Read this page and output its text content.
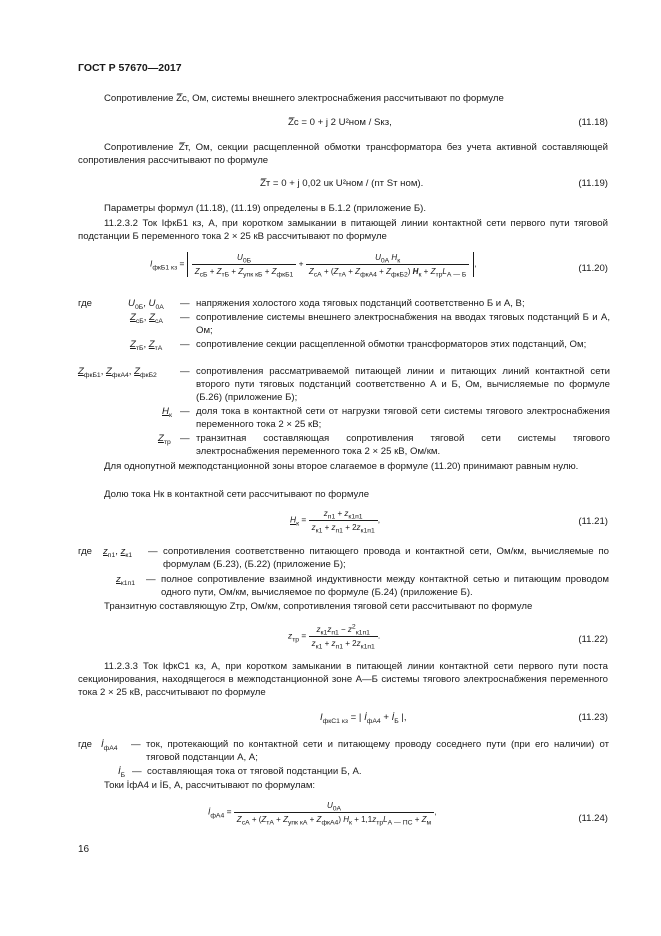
ГОСТ Р 57670—2017

Сопротивление Z̅с, Ом, системы внешнего электроснабжения рассчитывают по формуле

Z̅с = 0 + j 2 U²ном / Sкз,	(11.18)

Сопротивление Z̅т, Ом, секции расщепленной обмотки трансформатора без учета активной составляющей сопротивления рассчитывают по формуле

Z̅т = 0 + j 0,02 uк U²ном / (nт Sт ном).	(11.19)

Параметры формул (11.18), (11.19) определены в Б.1.2 (приложение Б).

11.2.3.2 Ток IфкБ1 кз, А, при коротком замыкании в питающей линии контактной сети первого пути тяговой подстанции Б переменного тока 2 × 25 кВ рассчитывают по формуле

$I_{фкБ1 кз} = \frac{U_{0Б}}{Z_{сБ} + Z_{тБ} + Z_{упк кБ} + Z_{фкБ1}} + \frac{U_{0А} H_к}{Z_{сА} + (Z_{тА} + Z_{фкА4} + Z_{фкБ2}) H_к + Z_{тр}L_{А — Б}}$ ,	(11.20)
где	$U_{0Б}$, $U_{0А}$ — напряжения холостого хода тяговых подстанций соответственно Б и А, В;
$Z_{сБ}$, $Z_{сА}$ — сопротивление системы внешнего электроснабжения на вводах тяговых подстанций Б и А, Ом;
$Z_{тБ}$, $Z_{тА}$ — сопротивление секции расщепленной обмотки трансформаторов этих подстанций, Ом;
$Z_{фкБ1}$, $Z_{фкА4}$, $Z_{фкБ2}$ — сопротивления рассматриваемой питающей линии и питающих линий контактной сети второго пути тяговых подстанций соответственно А и Б, Ом, вычисляемые по формуле (Б.26) (приложение Б);
$H_к$ — доля тока в контактной сети от нагрузки тяговой сети системы тягового электроснабжения переменного тока 2 × 25 кВ;
$Z_{тр}$ — транзитная составляющая сопротивления тяговой сети системы тягового электроснабжения переменного тока 2 × 25 кВ, Ом/км.

Для однопутной межподстанционной зоны второе слагаемое в формуле (11.20) принимают равным нулю.

Долю тока Нк в контактной сети рассчитывают по формуле

$H_к = \frac{z_{п1} + z_{к1п1}}{z_{к1} + z_{п1} + 2z_{к1п1}}$ ,	(11.21)
где $z_{п1}$, $z_{к1}$ — сопротивления соответственно питающего провода и контактной сети, Ом/км, вычисляемые по формулам (Б.23), (Б.22) (приложение Б);

$z_{к1п1}$ — полное сопротивление взаимной индуктивности между контактной сетью и питающим проводом одного пути, Ом/км, вычисляемое по формуле (Б.24) (приложение Б).

Транзитную составляющую Zтр, Ом/км, сопротивления тяговой сети рассчитывают по формуле

$z_{тр} = \frac{z_{к1}z_{п1} - z^2_{к1п1}}{z_{к1} + z_{п1} + 2z_{к1п1}}$ .	(11.22)

11.2.3.3 Ток IфкС1 кз, А, при коротком замыкании в питающей линии контактной сети первого пути поста секционирования, находящегося в межподстанционной зоне А—Б системы тягового электроснабжения переменного тока 2 × 25 кВ, рассчитывают по формуле

$I_{фкС1 кз}$ = | $İ_{фА4}$ + $İ_Б$ |,	(11.23)
где $İ_{фА4}$ — ток, протекающий по контактной сети и питающему проводу соседнего пути (при его наличии) от тяговой подстанции А, А;

$İ_Б$ — составляющая тока от тяговой подстанции Б, А.

Токи İфА4 и İБ, А, рассчитывают по формулам:

$İ_{фА4} = \frac{U_{0А}}{Z_{сА} + (Z_{тА} + Z_{упк кА} + Z_{фкА4}) H_к + 1,1z_{тр}L_{А — ПС} + Z_м}$ ,
(11.24)
16
